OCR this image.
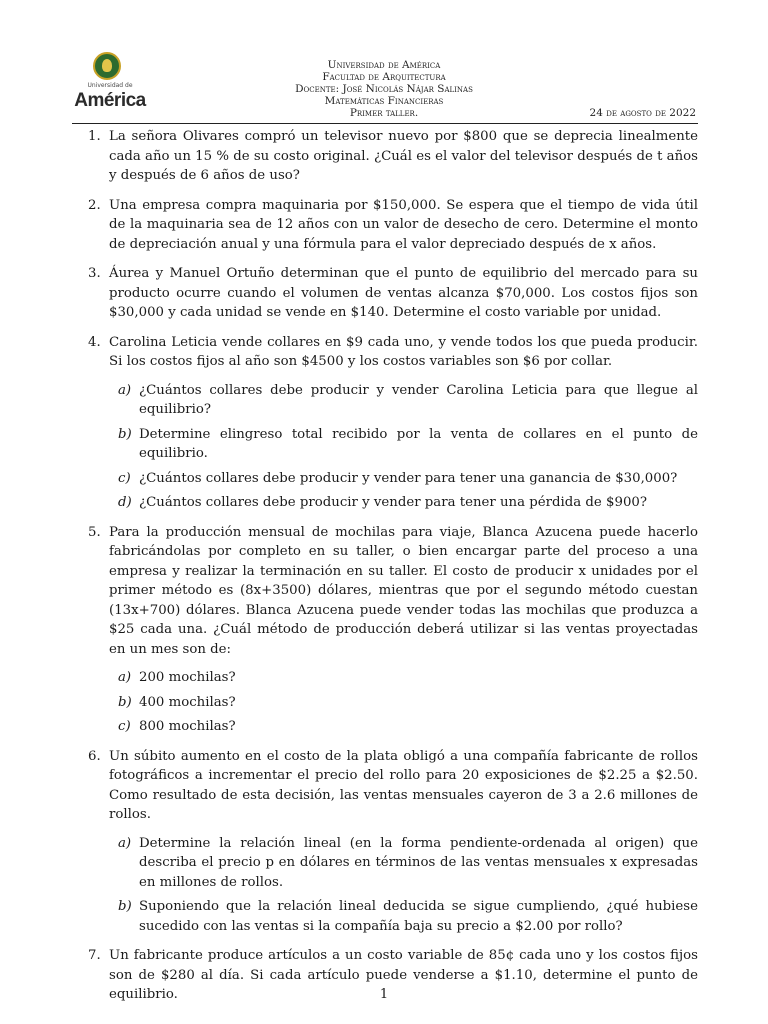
Universidad de
América
Universidad de América
Facultad de Arquitectura
Docente: José Nicolás Nájar Salinas
Matemáticas Financieras
Primer taller.	24 de agosto de 2022
1. La señora Olivares compró un televisor nuevo por $800 que se deprecia linealmente cada año un 15 % de su costo original. ¿Cuál es el valor del televisor después de t años y después de 6 años de uso?
2. Una empresa compra maquinaria por $150,000. Se espera que el tiempo de vida útil de la maquinaria sea de 12 años con un valor de desecho de cero. Determine el monto de depreciación anual y una fórmula para el valor depreciado después de x años.
3. Áurea y Manuel Ortuño determinan que el punto de equilibrio del mercado para su producto ocurre cuando el volumen de ventas alcanza $70,000. Los costos fijos son $30,000 y cada unidad se vende en $140. Determine el costo variable por unidad.
4. Carolina Leticia vende collares en $9 cada uno, y vende todos los que pueda producir. Si los costos fijos al año son $4500 y los costos variables son $6 por collar.
a) ¿Cuántos collares debe producir y vender Carolina Leticia para que llegue al equilibrio?
b) Determine elingreso total recibido por la venta de collares en el punto de equilibrio.
c) ¿Cuántos collares debe producir y vender para tener una ganancia de $30,000?
d) ¿Cuántos collares debe producir y vender para tener una pérdida de $900?
5. Para la producción mensual de mochilas para viaje, Blanca Azucena puede hacerlo fabricándolas por completo en su taller, o bien encargar parte del proceso a una empresa y realizar la terminación en su taller. El costo de producir x unidades por el primer método es (8x+3500) dólares, mientras que por el segundo método cuestan (13x+700) dólares. Blanca Azucena puede vender todas las mochilas que produzca a $25 cada una. ¿Cuál método de producción deberá utilizar si las ventas proyectadas en un mes son de:
a) 200 mochilas?
b) 400 mochilas?
c) 800 mochilas?
6. Un súbito aumento en el costo de la plata obligó a una compañía fabricante de rollos fotográficos a incrementar el precio del rollo para 20 exposiciones de $2.25 a $2.50. Como resultado de esta decisión, las ventas mensuales cayeron de 3 a 2.6 millones de rollos.
a) Determine la relación lineal (en la forma pendiente-ordenada al origen) que describa el precio p en dólares en términos de las ventas mensuales x expresadas en millones de rollos.
b) Suponiendo que la relación lineal deducida se sigue cumpliendo, ¿qué hubiese sucedido con las ventas si la compañía baja su precio a $2.00 por rollo?
7. Un fabricante produce artículos a un costo variable de 85¢ cada uno y los costos fijos son de $280 al día. Si cada artículo puede venderse a $1.10, determine el punto de equilibrio.	1
